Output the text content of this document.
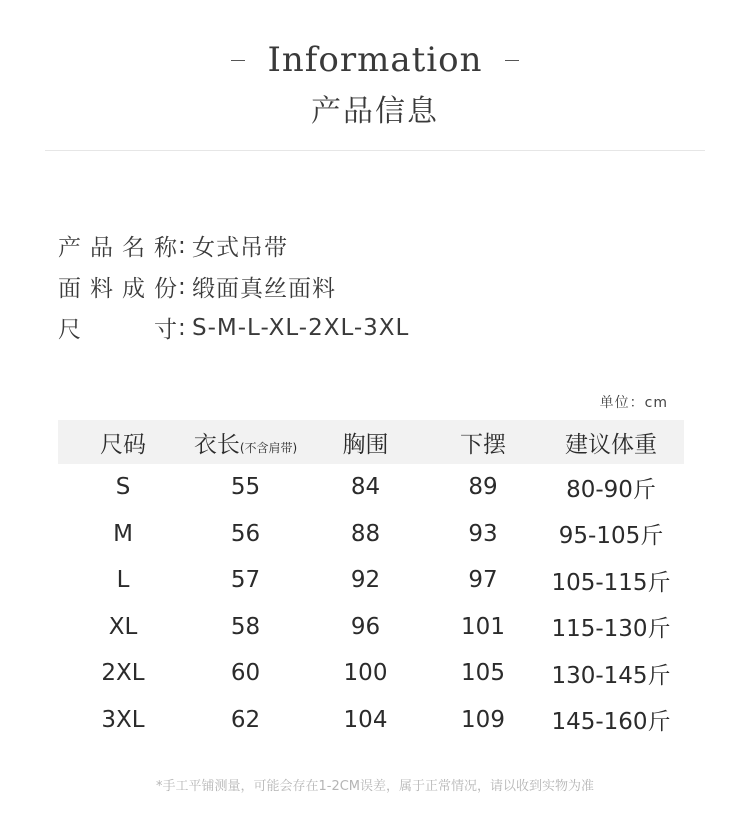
Information
产品信息
产品名称 : 女式吊带
面料成份 : 缎面真丝面料
尺寸 : S-M-L-XL-2XL-3XL
单位：cm
尺码	衣长(不含肩带)	胸围	下摆	建议体重
S	55	84	89	80-90斤
M	56	88	93	95-105斤
L	57	92	97	105-115斤
XL	58	96	101	115-130斤
2XL	60	100	105	130-145斤
3XL	62	104	109	145-160斤
*手工平铺测量，可能会存在1-2CM误差，属于正常情况，请以收到实物为准
